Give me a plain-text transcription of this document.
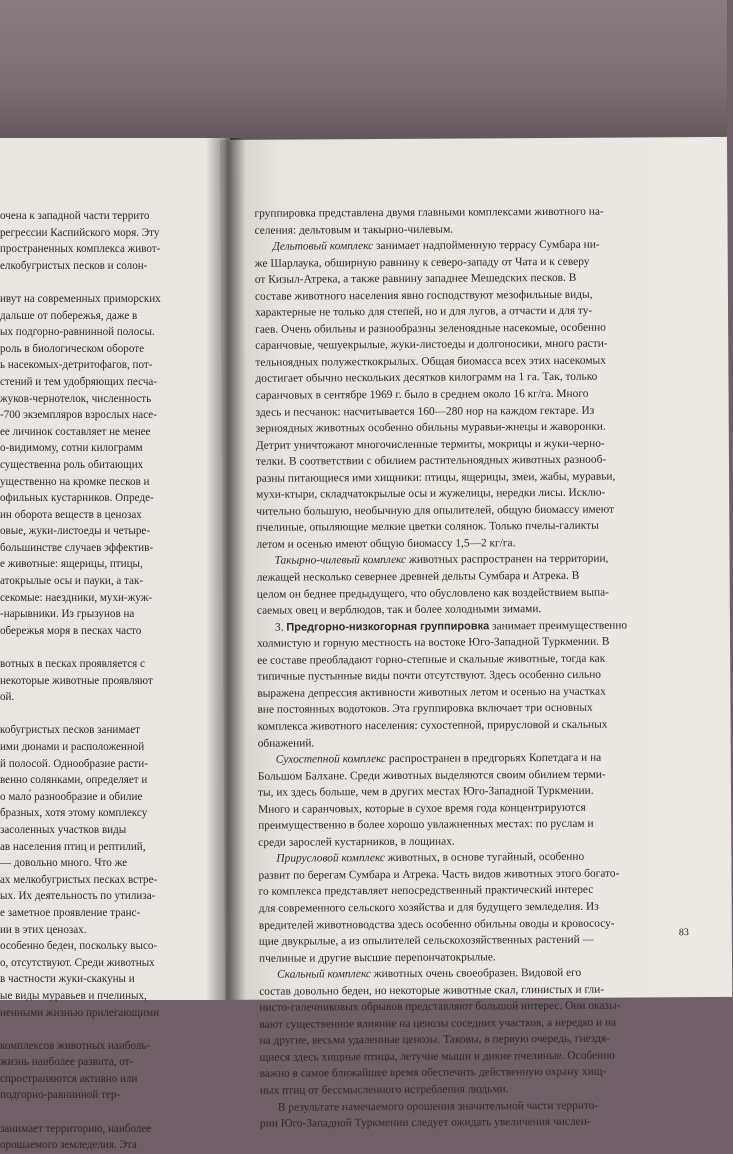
очена к западной части террито
регрессии Каспийского моря. Эту
пространенных комплекса живот-
елкобугристых песков и солон-
ивут на современных приморских
дальше от побережья, даже в
ых подгорно-равнинной полосы.
роль в биологическом обороте
ь насекомых-детритофагов, пот-
стений и тем удобряющих песча-
жуков-чернотелок, численность
-700 экземпляров взрослых насе-
ее личинок составляет не менее
о-видимому, сотни килограмм
существенна роль обитающих
ущественно на кромке песков и
офильных кустарников. Опреде-
ин оборота веществ в ценозах
овые, жуки-листоеды и четыре-
большинстве случаев эффектив-
е животные: ящерицы, птицы,
атокрылые осы и пауки, а так-
секомые: наездники, мухи-жуж-
-нарывники. Из грызунов на
обережья моря в песках часто
вотных в песках проявляется с
некоторые животные проявляют
ой.
кобугристых песков занимает
ими дюнами и расположенной
й полосой. Однообразие расти-
венно солянками, определяет и
о мало́ разнообразие и обилие
бразных, хотя этому комплексу
засоленных участков виды
ав населения птиц и рептилий,
— довольно много. Что же
ах мелкобугристых песках встре-
ых. Их деятельность по утилиза-
е заметное проявление транс-
ии в этих ценозах.
особенно беден, поскольку высо-
о, отсутствуют. Среди животных
в частности жуки-скакуны и
ые виды муравьев и пчелиных,
ненными жизнью прилегающими
комплексов животных наиболь-
жизнь наиболее развита, от-
спространяются активно или
подгорно-равнинной тер-
занимает территорию, наиболее
орошаемого земледелия. Эта
группировка представлена двумя главными комплексами животного на-
селения: дельтовым и такырно-чилевым.
Дельтовый комплекс занимает надпойменную террасу Сумбара ни-
же Шарлаука, обширную равнину к северо-западу от Чата и к северу
от Кизыл-Атрека, а также равнину западнее Мешедских песков. В
составе животного населения явно господствуют мезофильные виды,
характерные не только для степей, но и для лугов, а отчасти и для ту-
гаев. Очень обильны и разнообразны зеленоядные насекомые, особенно
саранчовые, чешуекрылые, жуки-листоеды и долгоносики, много расти-
тельноядных полужесткокрылых. Общая биомасса всех этих насекомых
достигает обычно нескольких десятков килограмм на 1 га. Так, только
саранчовых в сентябре 1969 г. было в среднем около 16 кг/га. Много
здесь и песчанок: насчитывается 160—280 нор на каждом гектаре. Из
зерноядных животных особенно обильны муравьи-жнецы и жаворонки.
Детрит уничтожают многочисленные термиты, мокрицы и жуки-черно-
телки. В соответствии с обилием растительноядных животных разнооб-
разны питающиеся ими хищники: птицы, ящерицы, змеи, жабы, муравьи,
мухи-ктыри, складчатокрылые осы и жужелицы, нередки лисы. Исклю-
чительно большую, необычную для опылителей, общую биомассу имеют
пчелиные, опыляющие мелкие цветки солянок. Только пчелы-галикты
летом и осенью имеют общую биомассу 1,5—2 кг/га.
Такырно-чилевый комплекс животных распространен на территории,
лежащей несколько севернее древней дельты Сумбара и Атрека. В
целом он беднее предыдущего, что обусловлено как воздействием выпа-
саемых овец и верблюдов, так и более холодными зимами.
3. Предгорно-низкогорная группировка занимает преимущественно
холмистую и горную местность на востоке Юго-Западной Туркмении. В
ее составе преобладают горно-степные и скальные животные, тогда как
типичные пустынные виды почти отсутствуют. Здесь особенно сильно
выражена депрессия активности животных летом и осенью на участках
вне постоянных водотоков. Эта группировка включает три основных
комплекса животного населения: сухостепной, прирусловой и скальных
обнажений.
Сухостепной комплекс распространен в предгорьях Копетдага и на
Большом Балхане. Среди животных выделяются своим обилием терми-
ты, их здесь больше, чем в других местах Юго-Западной Туркмении.
Много и саранчовых, которые в сухое время года концентрируются
преимущественно в более хорошо увлажненных местах: по руслам и
среди зарослей кустарников, в лощинах.
Прирусловой комплекс животных, в основе тугайный, особенно
развит по берегам Сумбара и Атрека. Часть видов животных этого богато-
го комплекса представляет непосредственный практический интерес
для современного сельского хозяйства и для будущего земледелия. Из
вредителей животноводства здесь особенно обильны оводы и кровососу-
щие двукрылые, а из опылителей сельскохозяйственных растений —
пчелиные и другие высшие перепончатокрылые.
Скальный комплекс животных очень своеобразен. Видовой его
состав довольно беден, но некоторые животные скал, глинистых и гли-
нисто-галечниковых обрывов представляют большой интерес. Они оказы-
вают существенное влияние на ценозы соседних участков, а нередко и на
на другие, весьма удаленные ценозы. Таковы, в первую очередь, гнездя-
щиеся здесь хищные птицы, летучие мыши и дикие пчелиные. Особенно
важно в самое ближайшее время обеспечить действенную охрану хищ-
ных птиц от бессмысленного истребления людьми.
В результате намечаемого орошения значительной части террито-
рии Юго-Западной Туркмении следует ожидать увеличения числен-
83
